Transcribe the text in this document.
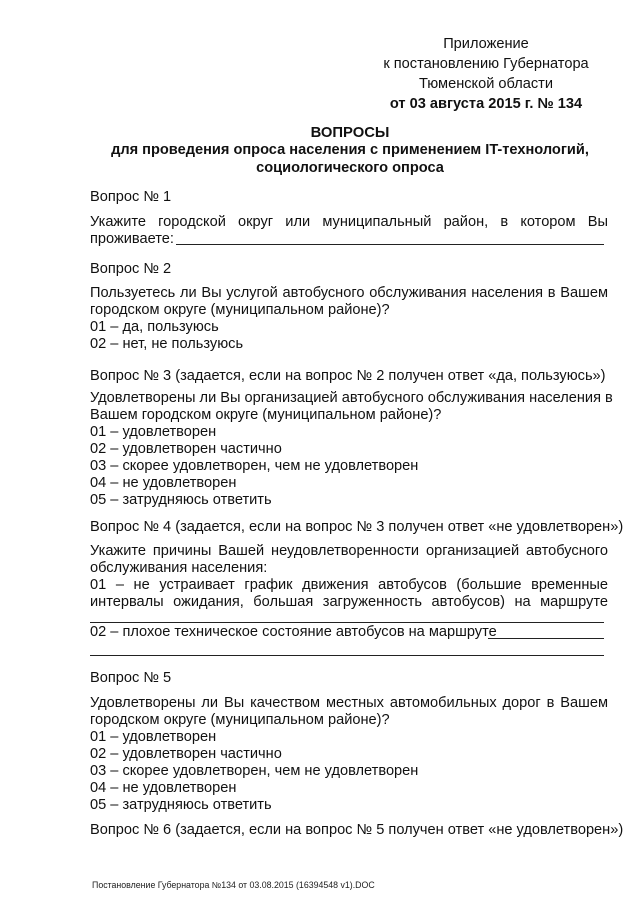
Приложение
к постановлению Губернатора
Тюменской области
от 03 августа 2015 г. № 134
ВОПРОСЫ
для проведения опроса населения с применением IT-технологий,
социологического опроса
Вопрос № 1
Укажите городской округ или муниципальный район, в котором Вы
проживаете:
Вопрос № 2
Пользуетесь ли Вы услугой автобусного обслуживания населения в Вашем
городском округе (муниципальном районе)?
01 – да, пользуюсь
02 – нет, не пользуюсь
Вопрос № 3 (задается, если на вопрос № 2 получен ответ «да, пользуюсь»)
Удовлетворены ли Вы организацией автобусного обслуживания населения в
Вашем городском округе (муниципальном районе)?
01 – удовлетворен
02 – удовлетворен частично
03 – скорее удовлетворен, чем не удовлетворен
04 – не удовлетворен
05 – затрудняюсь ответить
Вопрос № 4 (задается, если на вопрос № 3 получен ответ «не удовлетворен»)
Укажите причины Вашей неудовлетворенности организацией автобусного
обслуживания населения:
01 – не устраивает график движения автобусов (большие временные
интервалы ожидания, большая загруженность автобусов) на маршруте
02 – плохое техническое состояние автобусов на маршруте
Вопрос № 5
Удовлетворены ли Вы качеством местных автомобильных дорог в Вашем
городском округе (муниципальном районе)?
01 – удовлетворен
02 – удовлетворен частично
03 – скорее удовлетворен, чем не удовлетворен
04 – не удовлетворен
05 – затрудняюсь ответить
Вопрос № 6 (задается, если на вопрос № 5 получен ответ «не удовлетворен»)
Постановление Губернатора №134 от 03.08.2015 (16394548 v1).DOC
